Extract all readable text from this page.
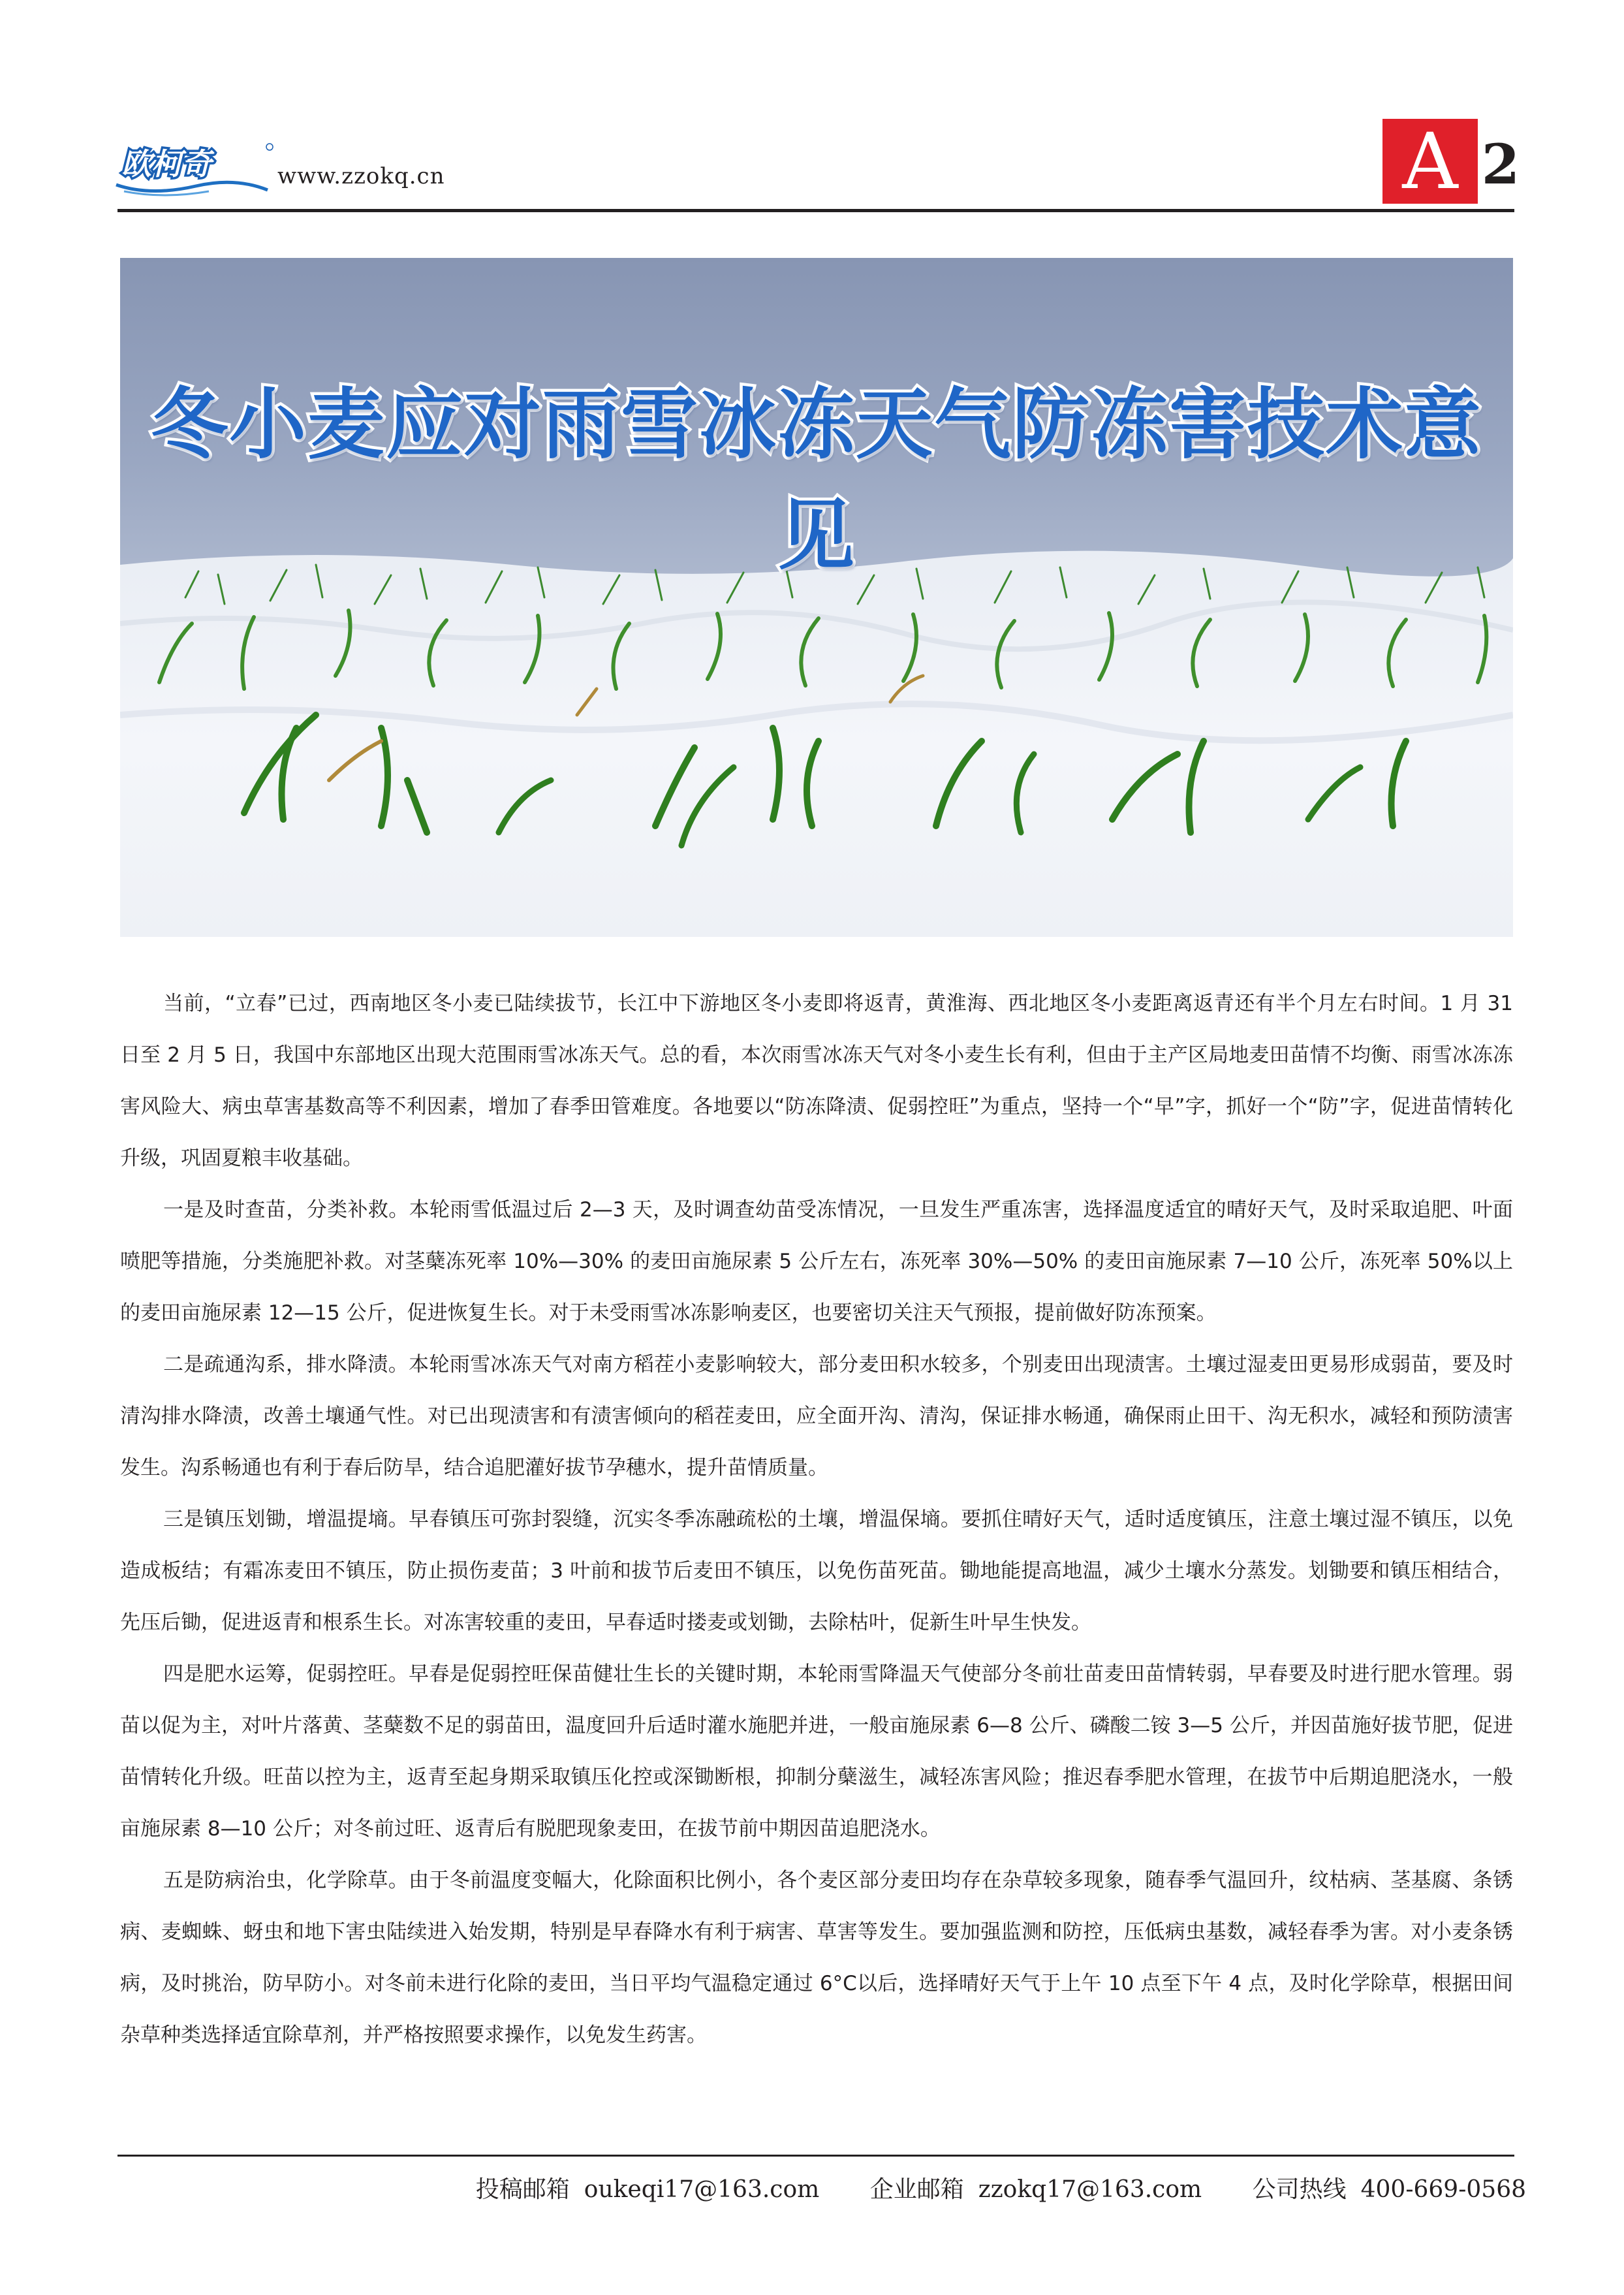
欧柯奇	www.zzokq.cn	A 2
冬小麦应对雨雪冰冻天气防冻害技术意见

当前，“立春”已过，西南地区冬小麦已陆续拔节，长江中下游地区冬小麦即将返青，黄淮海、西北地区冬小麦距离返青还有半个月左右时间。1 月 31 日至 2 月 5 日，我国中东部地区出现大范围雨雪冰冻天气。总的看，本次雨雪冰冻天气对冬小麦生长有利，但由于主产区局地麦田苗情不均衡、雨雪冰冻冻害风险大、病虫草害基数高等不利因素，增加了春季田管难度。各地要以“防冻降渍、促弱控旺”为重点，坚持一个“早”字，抓好一个“防”字，促进苗情转化升级，巩固夏粮丰收基础。

一是及时查苗，分类补救。本轮雨雪低温过后 2—3 天，及时调查幼苗受冻情况，一旦发生严重冻害，选择温度适宜的晴好天气，及时采取追肥、叶面喷肥等措施，分类施肥补救。对茎蘖冻死率 10%—30% 的麦田亩施尿素 5 公斤左右，冻死率 30%—50% 的麦田亩施尿素 7—10 公斤，冻死率 50%以上的麦田亩施尿素 12—15 公斤，促进恢复生长。对于未受雨雪冰冻影响麦区，也要密切关注天气预报，提前做好防冻预案。

二是疏通沟系，排水降渍。本轮雨雪冰冻天气对南方稻茬小麦影响较大，部分麦田积水较多，个别麦田出现渍害。土壤过湿麦田更易形成弱苗，要及时清沟排水降渍，改善土壤通气性。对已出现渍害和有渍害倾向的稻茬麦田，应全面开沟、清沟，保证排水畅通，确保雨止田干、沟无积水，减轻和预防渍害发生。沟系畅通也有利于春后防旱，结合追肥灌好拔节孕穗水，提升苗情质量。

三是镇压划锄，增温提墒。早春镇压可弥封裂缝，沉实冬季冻融疏松的土壤，增温保墒。要抓住晴好天气，适时适度镇压，注意土壤过湿不镇压，以免造成板结；有霜冻麦田不镇压，防止损伤麦苗；3 叶前和拔节后麦田不镇压，以免伤苗死苗。锄地能提高地温，减少土壤水分蒸发。划锄要和镇压相结合，先压后锄，促进返青和根系生长。对冻害较重的麦田，早春适时搂麦或划锄，去除枯叶，促新生叶早生快发。

四是肥水运筹，促弱控旺。早春是促弱控旺保苗健壮生长的关键时期，本轮雨雪降温天气使部分冬前壮苗麦田苗情转弱，早春要及时进行肥水管理。弱苗以促为主，对叶片落黄、茎蘖数不足的弱苗田，温度回升后适时灌水施肥并进，一般亩施尿素 6—8 公斤、磷酸二铵 3—5 公斤，并因苗施好拔节肥，促进苗情转化升级。旺苗以控为主，返青至起身期采取镇压化控或深锄断根，抑制分蘖滋生，减轻冻害风险；推迟春季肥水管理，在拔节中后期追肥浇水，一般亩施尿素 8—10 公斤；对冬前过旺、返青后有脱肥现象麦田，在拔节前中期因苗追肥浇水。

五是防病治虫，化学除草。由于冬前温度变幅大，化除面积比例小，各个麦区部分麦田均存在杂草较多现象，随春季气温回升，纹枯病、茎基腐、条锈病、麦蜘蛛、蚜虫和地下害虫陆续进入始发期，特别是早春降水有利于病害、草害等发生。要加强监测和防控，压低病虫基数，减轻春季为害。对小麦条锈病，及时挑治，防早防小。对冬前未进行化除的麦田，当日平均气温稳定通过 6°C以后，选择晴好天气于上午 10 点至下午 4 点，及时化学除草，根据田间杂草种类选择适宜除草剂，并严格按照要求操作，以免发生药害。

投稿邮箱 oukeqi17@163.com 企业邮箱 zzokq17@163.com 公司热线 400-669-0568
